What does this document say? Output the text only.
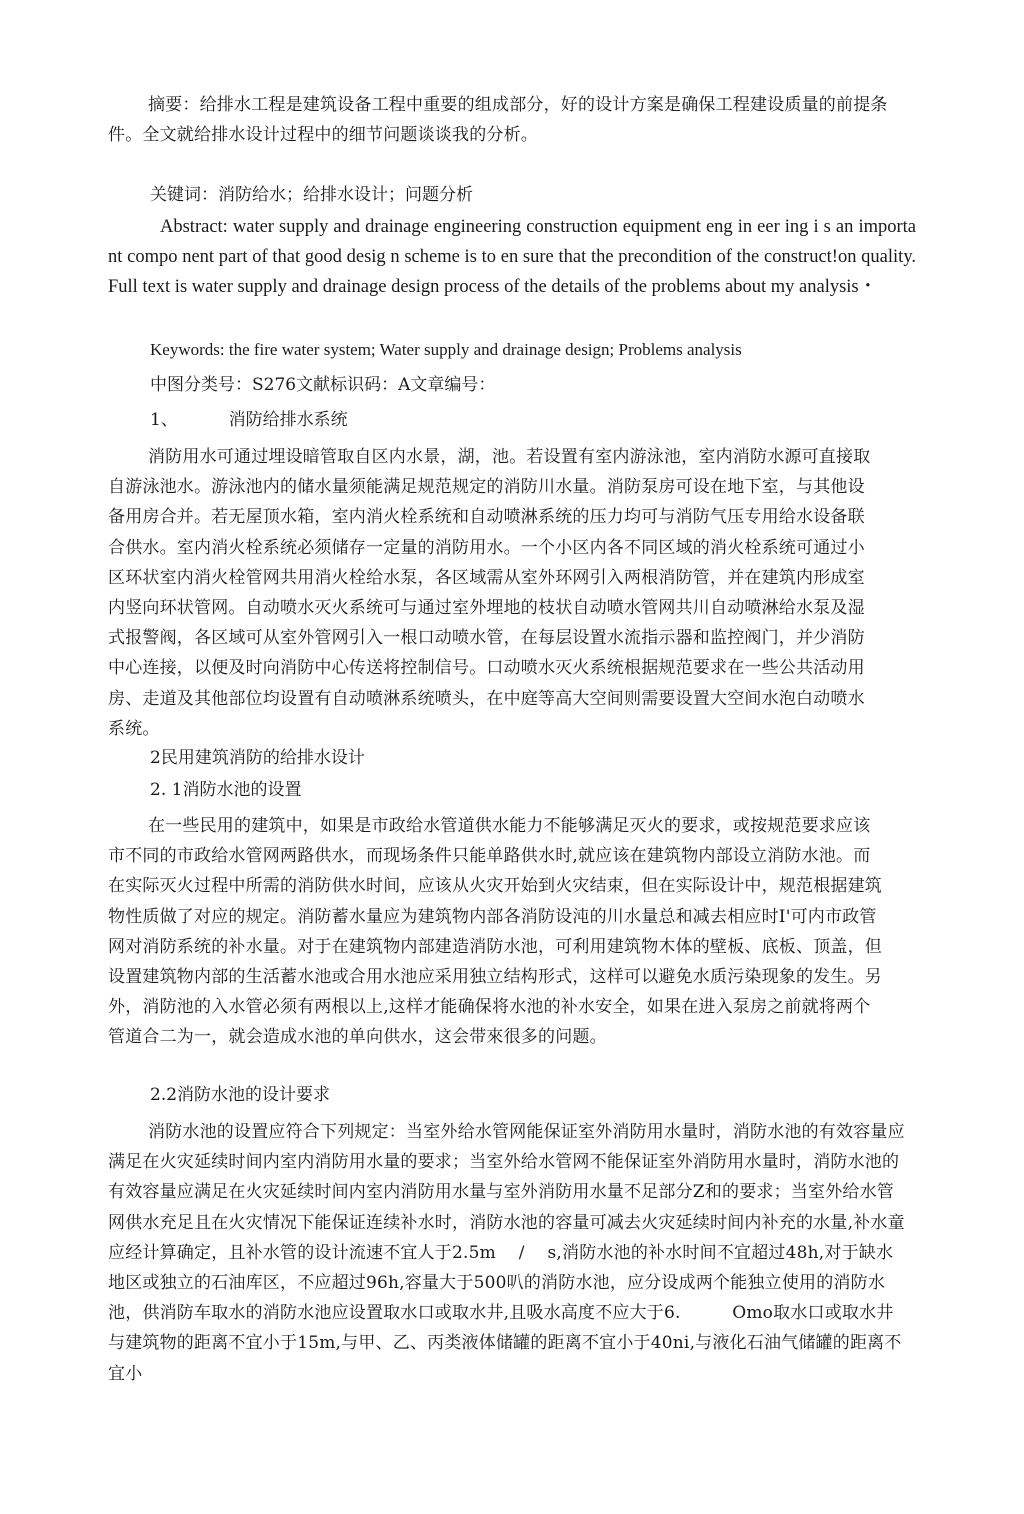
摘要：给排水工程是建筑设备工程中重要的组成部分，好的设计方案是确保工程建设质量的前提条件。全文就给排水设计过程中的细节问题谈谈我的分析。

关键词：消防给水；给排水设计；问题分析

Abstract: water supply and drainage engineering construction equipment eng in eer ing i s an importa nt compo nent part of that good desig n scheme is to en sure that the precondition of the construct!on quality. Full text is water supply and drainage design process of the details of the problems about my analysis・

Keywords: the fire water system; Water supply and drainage design; Problems analysis

中图分类号：S276文献标识码：A文章编号：

1、	消防给排水系统

消防用水可通过埋设暗管取自区内水景，湖，池。若设置有室内游泳池，室内消防水源可直接取自游泳池水。游泳池内的储水量须能满足规范规定的消防川水量。消防泵房可设在地下室，与其他设备用房合并。若无屋顶水箱，室内消火栓系统和自动喷淋系统的压力均可与消防气压专用给水设备联合供水。室内消火栓系统必须储存一定量的消防用水。一个小区内各不同区域的消火栓系统可通过小区环状室内消火栓管网共用消火栓给水泵，各区域需从室外环网引入两根消防管，并在建筑内形成室内竖向环状管网。自动喷水灭火系统可与通过室外埋地的枝状自动喷水管网共川自动喷淋给水泵及湿式报警阀，各区域可从室外管网引入一根口动喷水管，在每层设置水流指示器和监控阀门，并少消防中心连接，以便及时向消防中心传送将控制信号。口动喷水灭火系统根据规范要求在一些公共活动用房、走道及其他部位均设置有自动喷淋系统喷头，在中庭等高大空间则需要设置大空间水泡白动喷水系统。

2民用建筑消防的给排水设计

2. 1消防水池的设置

在一些民用的建筑中，如果是市政给水管道供水能力不能够满足灭火的要求，或按规范要求应该市不同的市政给水管网两路供水，而现场条件只能单路供水时,就应该在建筑物内部设立消防水池。而在实际灭火过程中所需的消防供水时间，应该从火灾开始到火灾结束，但在实际设计中，规范根据建筑物性质做了对应的规定。消防蓄水量应为建筑物内部各消防设沌的川水量总和减去相应时I'可内市政管网对消防系统的补水量。对于在建筑物内部建造消防水池，可利用建筑物木体的壁板、底板、顶盖，但设置建筑物内部的生活蓄水池或合用水池应采用独立结构形式，这样可以避免水质污染现象的发生。另外，消防池的入水管必须有两根以上,这样才能确保将水池的补水安全，如果在进入泵房之前就将两个管道合二为一，就会造成水池的单向供水，这会带來很多的问题。

2.2消防水池的设计要求

消防水池的设置应符合下列规定：当室外给水管网能保证室外消防用水量时，消防水池的有效容量应满足在火灾延续时间内室内消防用水量的要求；当室外给水管网不能保证室外消防用水量时，消防水池的有效容量应满足在火灾延续时间内室内消防用水量与室外消防用水量不足部分Z和的要求；当室外给水管网供水充足且在火灾情况下能保证连续补水时，消防水池的容量可减去火灾延续时间内补充的水量,补水童应经计算确定，且补水管的设计流速不宜人于2.5m　 /　 s,消防水池的补水时间不宜超过48h,对于缺水地区或独立的石油库区，不应超过96h,容量大于500叭的消防水池，应分设成两个能独立使用的消防水池，供消防车取水的消防水池应设置取水口或取水井,且吸水高度不应大于6.　　　Omo取水口或取水井与建筑物的距离不宜小于15m,与甲、乙、丙类液体储罐的距离不宜小于40ni,与液化石油气储罐的距离不宜小
